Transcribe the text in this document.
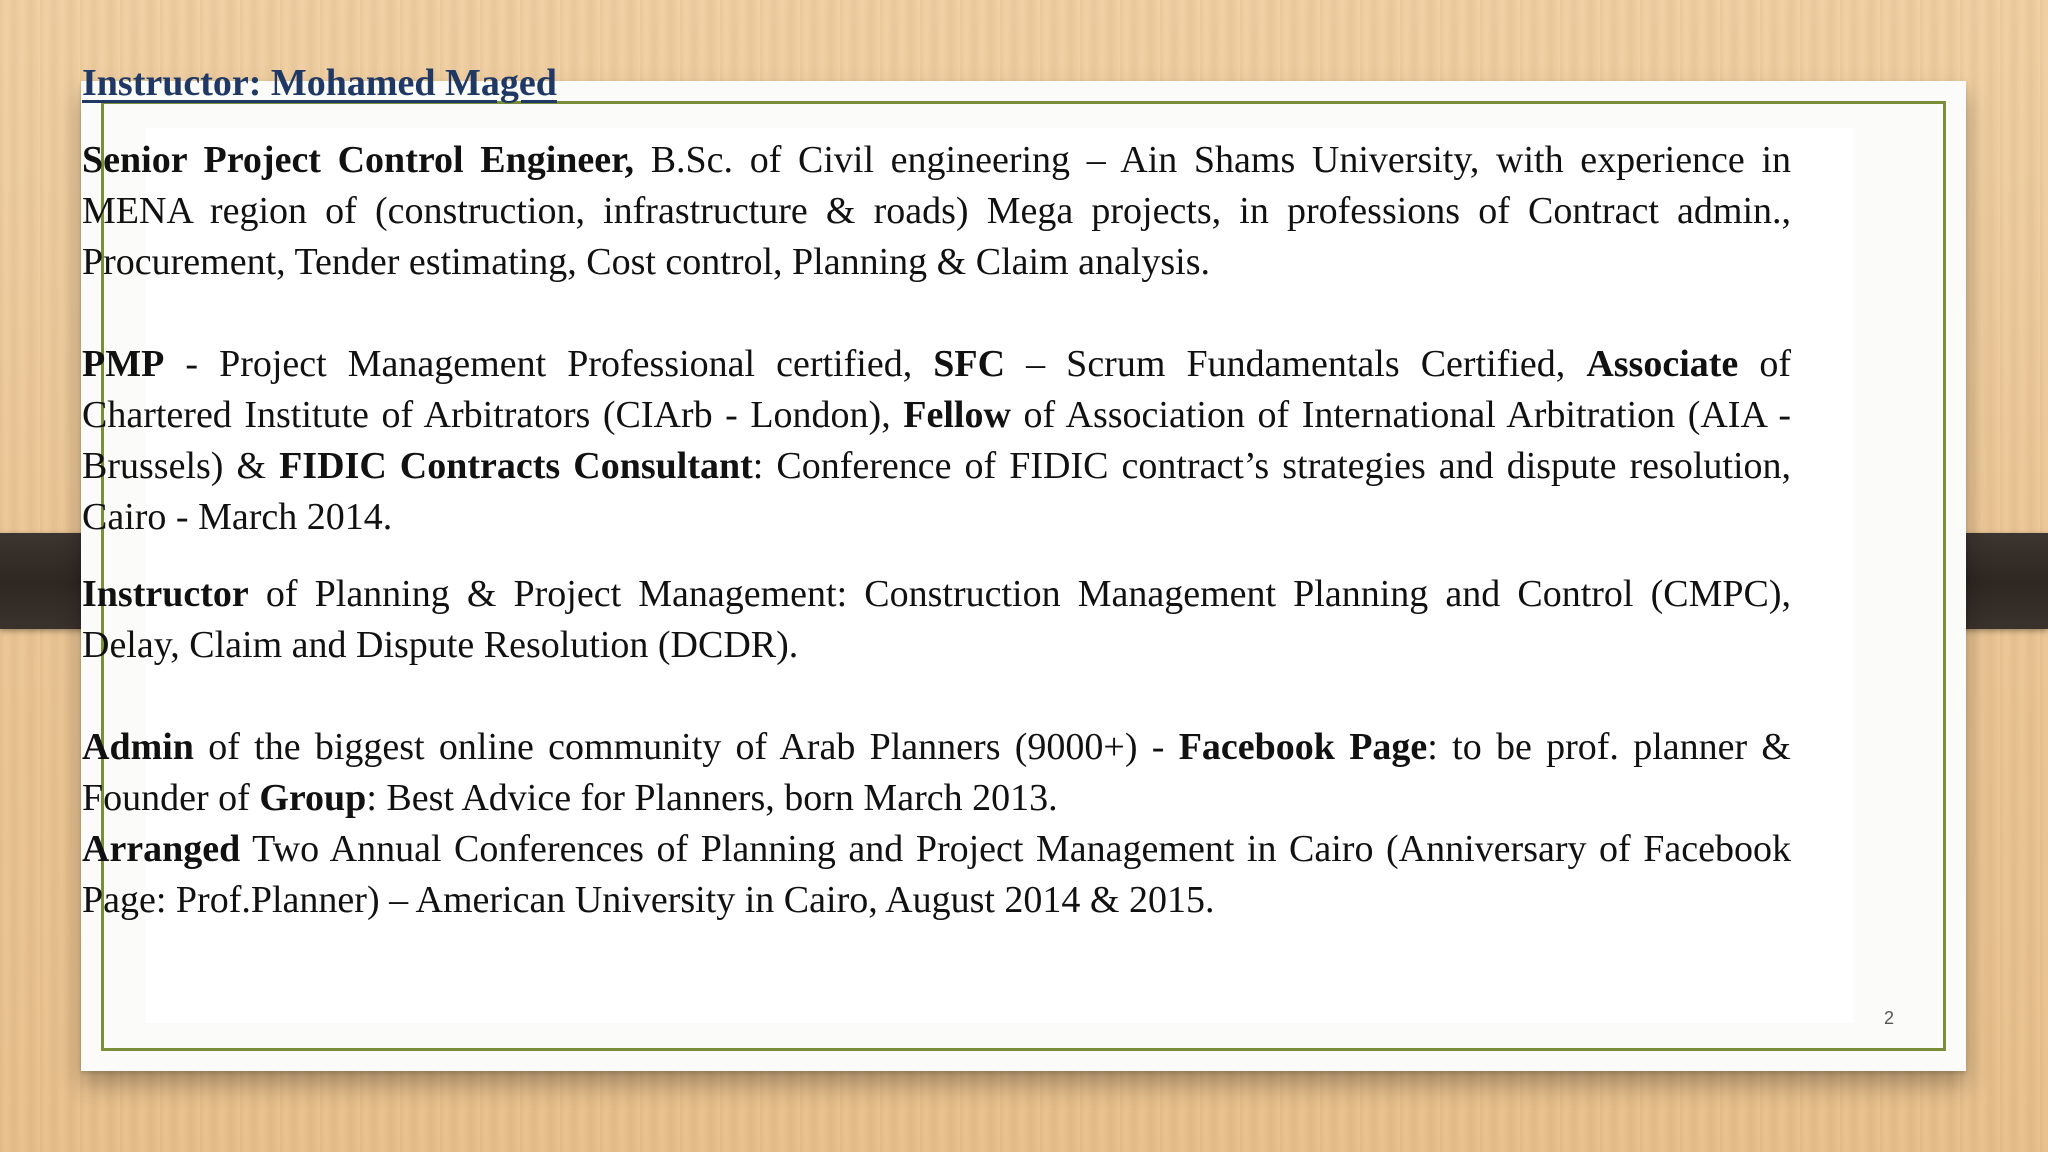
Instructor: Mohamed Maged

Senior Project Control Engineer, B.Sc. of Civil engineering – Ain Shams University, with experience in MENA region of (construction, infrastructure & roads) Mega projects, in professions of Contract admin., Procurement, Tender estimating, Cost control, Planning & Claim analysis.

PMP - Project Management Professional certified, SFC – Scrum Fundamentals Certified, Associate of Chartered Institute of Arbitrators (CIArb - London), Fellow of Association of International Arbitration (AIA - Brussels) & FIDIC Contracts Consultant: Conference of FIDIC contract’s strategies and dispute resolution, Cairo - March 2014.

Instructor of Planning & Project Management: Construction Management Planning and Control (CMPC), Delay, Claim and Dispute Resolution (DCDR).

Admin of the biggest online community of Arab Planners (9000+) - Facebook Page: to be prof. planner & Founder of Group: Best Advice for Planners, born March 2013.

Arranged Two Annual Conferences of Planning and Project Management in Cairo (Anniversary of Facebook Page: Prof.Planner) – American University in Cairo, August 2014 & 2015.

2
